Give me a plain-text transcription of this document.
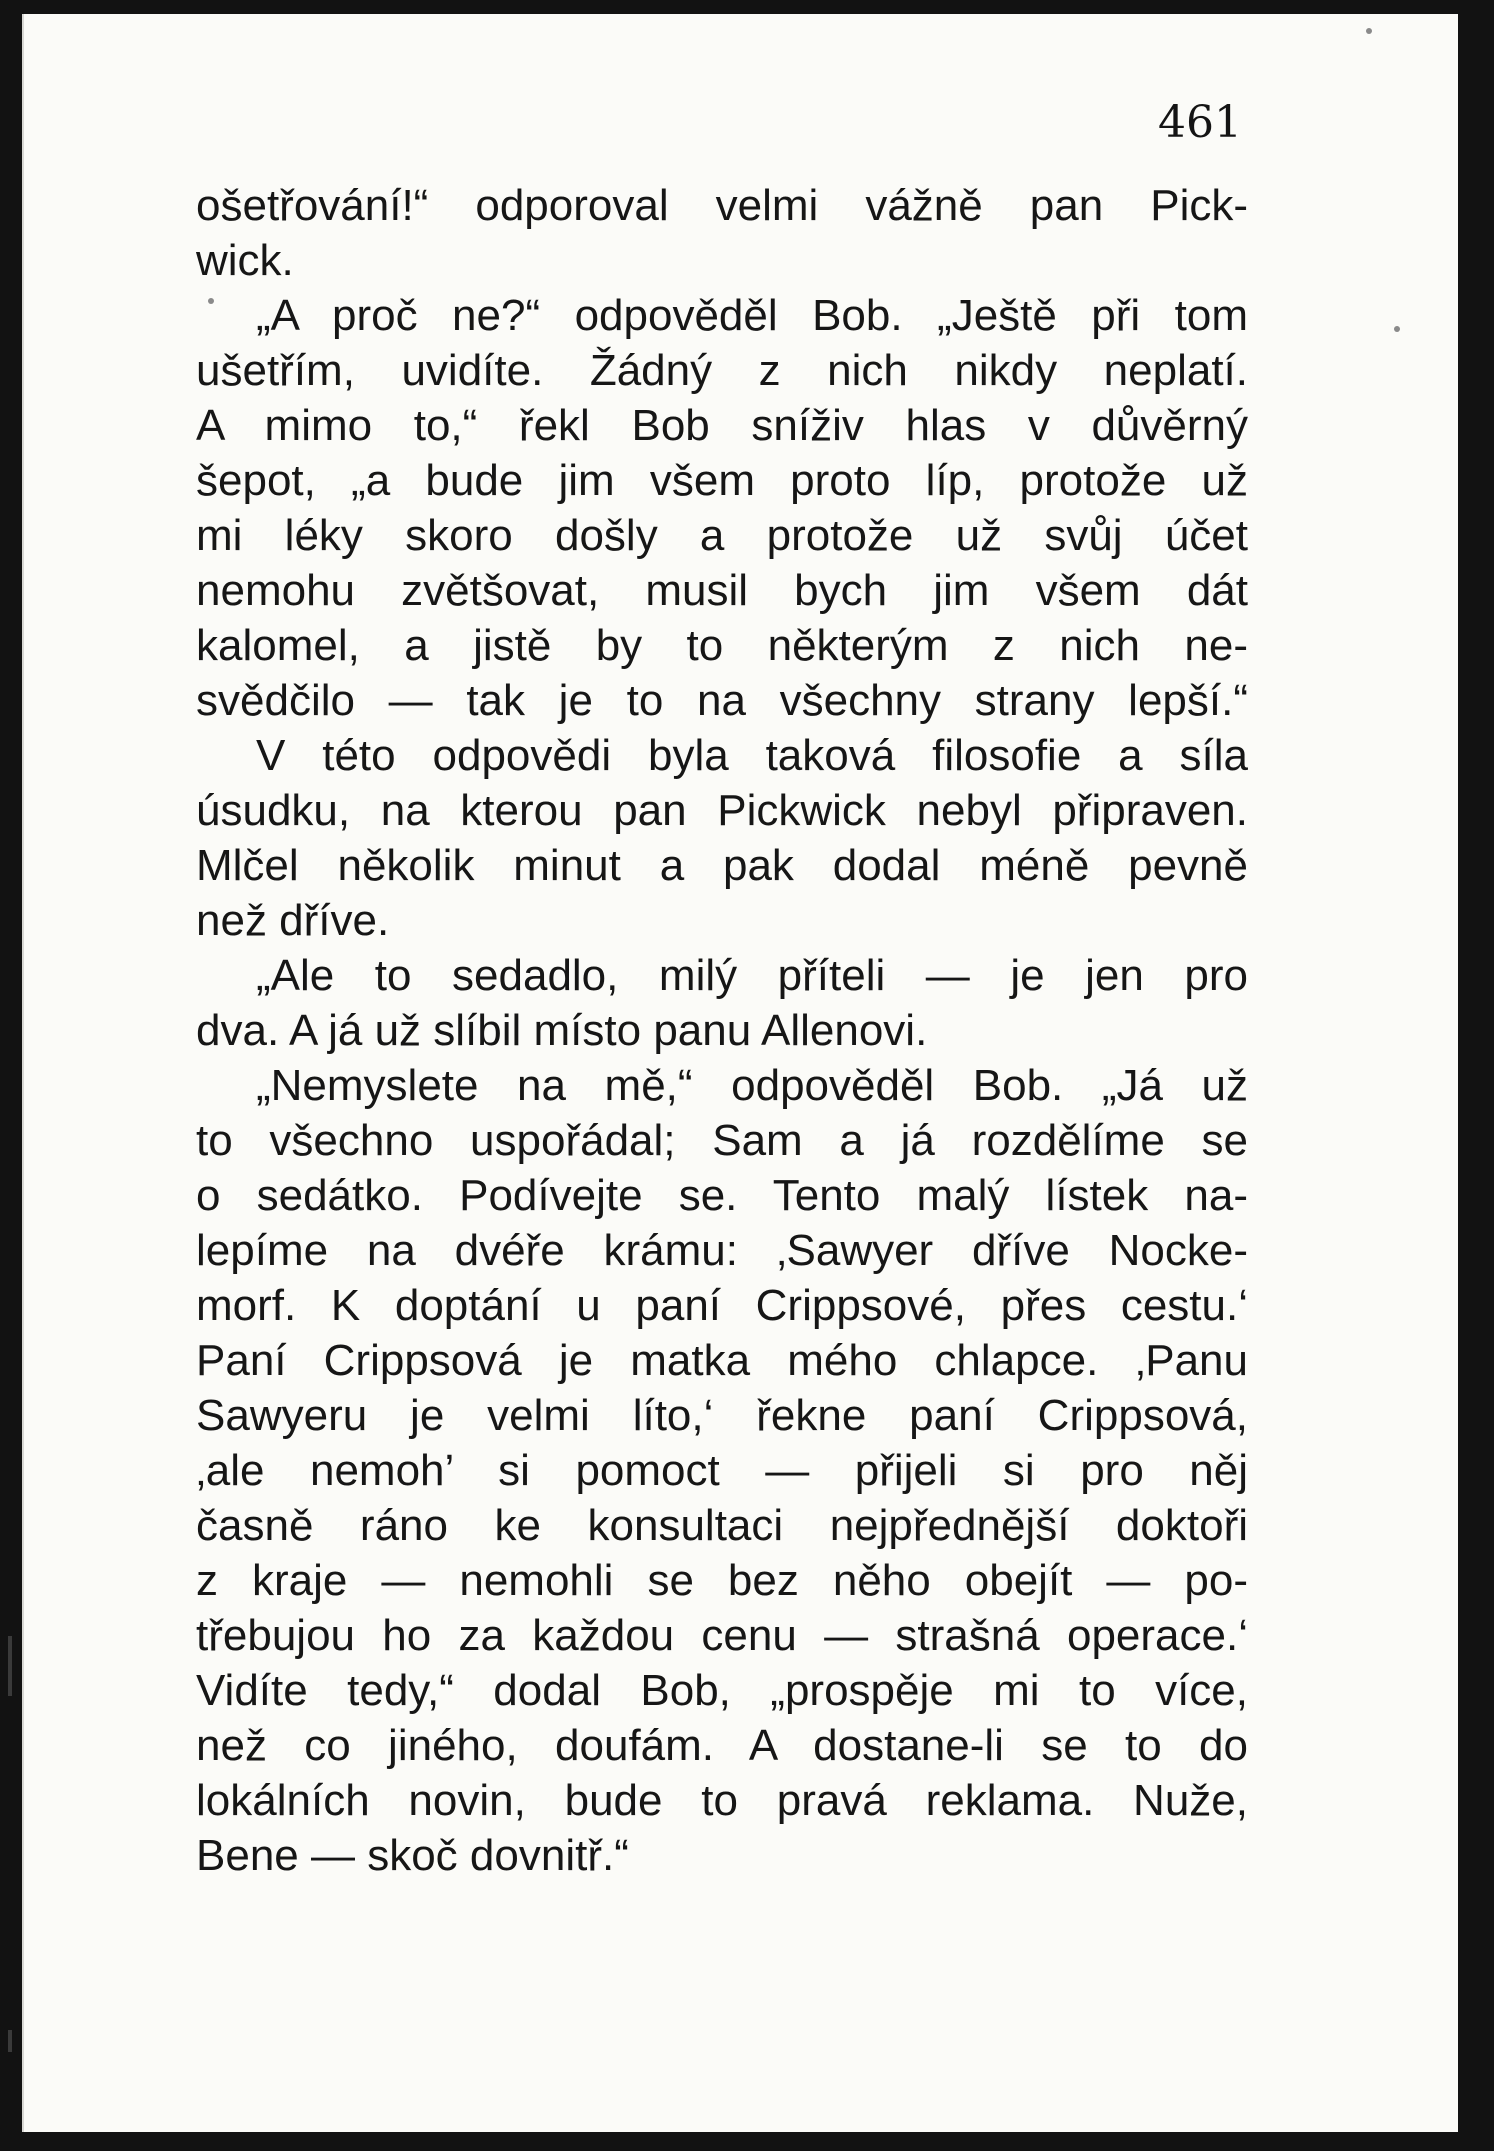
461
ošetřování!“ odporoval velmi vážně pan Pick-
wick.
„A proč ne?“ odpověděl Bob. „Ještě při tom
ušetřím, uvidíte. Žádný z nich nikdy neplatí.
A mimo to,“ řekl Bob sníživ hlas v důvěrný
šepot, „a bude jim všem proto líp, protože už
mi léky skoro došly a protože už svůj účet
nemohu zvětšovat, musil bych jim všem dát
kalomel, a jistě by to některým z nich ne-
svědčilo — tak je to na všechny strany lepší.“
V této odpovědi byla taková filosofie a síla
úsudku, na kterou pan Pickwick nebyl připraven.
Mlčel několik minut a pak dodal méně pevně
než dříve.
„Ale to sedadlo, milý příteli — je jen pro
dva. A já už slíbil místo panu Allenovi.
„Nemyslete na mě,“ odpověděl Bob. „Já už
to všechno uspořádal; Sam a já rozdělíme se
o sedátko. Podívejte se. Tento malý lístek na-
lepíme na dvéře krámu: ‚Sawyer dříve Nocke-
morf. K doptání u paní Crippsové, přes cestu.‘
Paní Crippsová je matka mého chlapce. ‚Panu
Sawyeru je velmi líto,‘ řekne paní Crippsová,
‚ale nemoh’ si pomoct — přijeli si pro něj
časně ráno ke konsultaci nejpřednější doktoři
z kraje — nemohli se bez něho obejít — po-
třebujou ho za každou cenu — strašná operace.‘
Vidíte tedy,“ dodal Bob, „prospěje mi to více,
než co jiného, doufám. A dostane-li se to do
lokálních novin, bude to pravá reklama. Nuže,
Bene — skoč dovnitř.“
